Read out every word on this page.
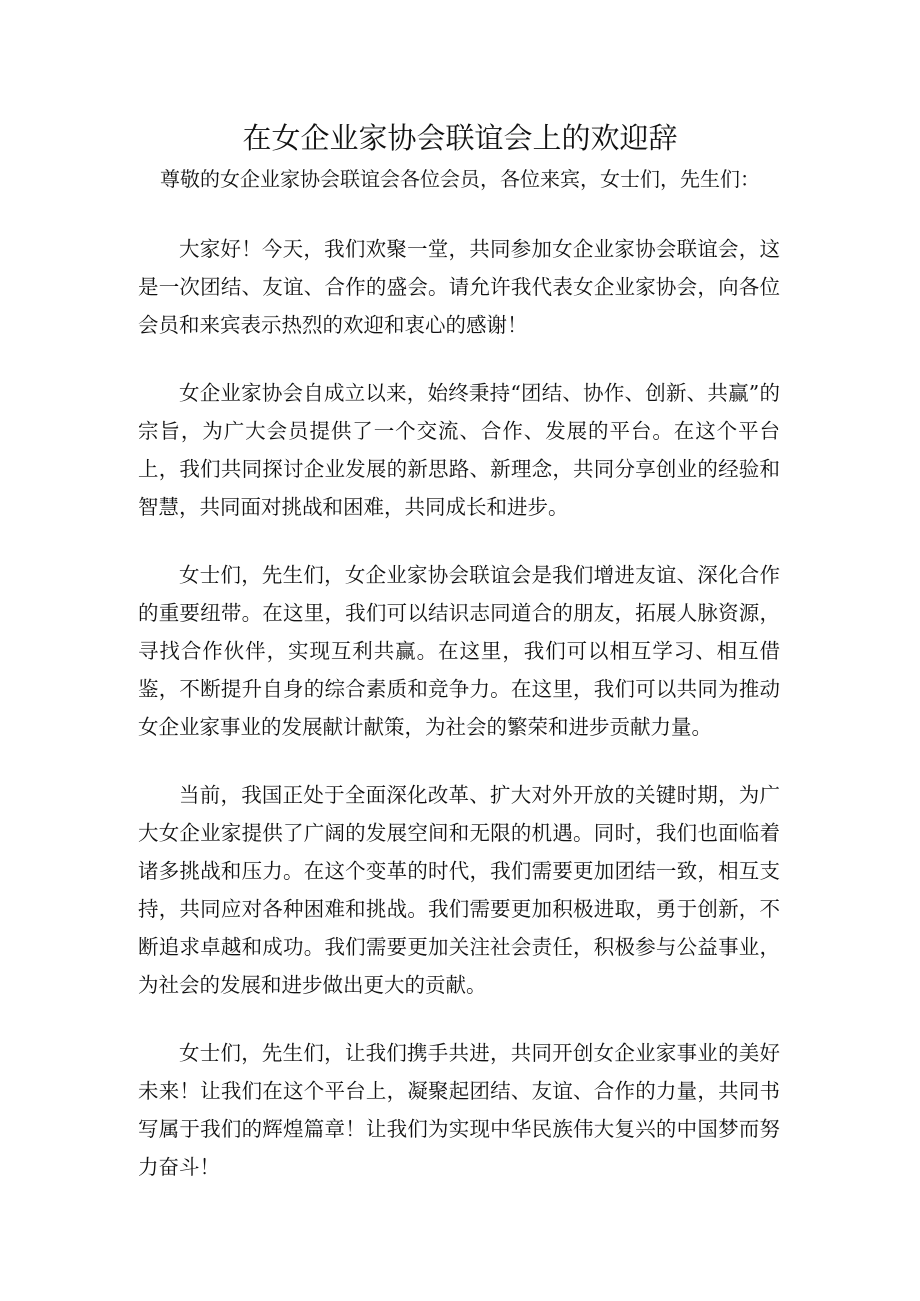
在女企业家协会联谊会上的欢迎辞
尊敬的女企业家协会联谊会各位会员，各位来宾，女士们，先生们：

大家好！今天，我们欢聚一堂，共同参加女企业家协会联谊会，这是一次团结、友谊、合作的盛会。请允许我代表女企业家协会，向各位会员和来宾表示热烈的欢迎和衷心的感谢！

女企业家协会自成立以来，始终秉持“团结、协作、创新、共赢”的宗旨，为广大会员提供了一个交流、合作、发展的平台。在这个平台上，我们共同探讨企业发展的新思路、新理念，共同分享创业的经验和智慧，共同面对挑战和困难，共同成长和进步。

女士们，先生们，女企业家协会联谊会是我们增进友谊、深化合作的重要纽带。在这里，我们可以结识志同道合的朋友，拓展人脉资源，寻找合作伙伴，实现互利共赢。在这里，我们可以相互学习、相互借鉴，不断提升自身的综合素质和竞争力。在这里，我们可以共同为推动女企业家事业的发展献计献策，为社会的繁荣和进步贡献力量。

当前，我国正处于全面深化改革、扩大对外开放的关键时期，为广大女企业家提供了广阔的发展空间和无限的机遇。同时，我们也面临着诸多挑战和压力。在这个变革的时代，我们需要更加团结一致，相互支持，共同应对各种困难和挑战。我们需要更加积极进取，勇于创新，不断追求卓越和成功。我们需要更加关注社会责任，积极参与公益事业，为社会的发展和进步做出更大的贡献。

女士们，先生们，让我们携手共进，共同开创女企业家事业的美好未来！让我们在这个平台上，凝聚起团结、友谊、合作的力量，共同书写属于我们的辉煌篇章！让我们为实现中华民族伟大复兴的中国梦而努力奋斗！
